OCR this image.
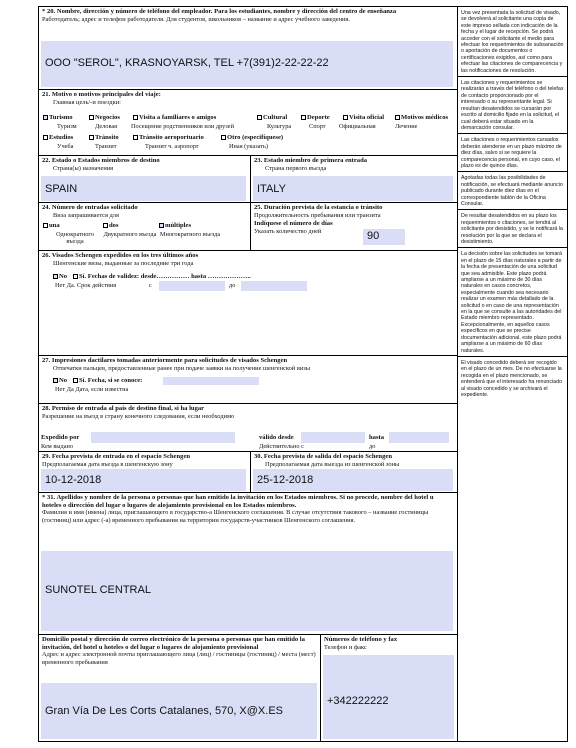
* 20. Nombre, dirección y número de teléfono del empleador. Para los estudiantes, nombre y dirección del centro de enseñanza
Работодатель; адрес и телефон работодателя. Для студентов, школьников – название и адрес учебного заведения.
OOO "SEROL", KRASNOYARSK, TEL +7(391)2-22-22-22
21. Motivo o motivos principales del viaje:
Главная цель/-и поездки:
Turismo	Negocios	Visita a familiares o amigos	Cultural	Deporte	Visita oficial	Motivos médicos
Туризм	Деловая Посещение родственников или друзей	Культура	Спорт Официальная	Лечение
Estudios	Tránsito	Tránsito aeroportuario	Otro (especifíquese)
Учеба	Транзит	Транзит ч. аэропорт	Иная (указать)
22. Estado o Estados miembros de destino
Страна(ы) назначения
SPAIN
23. Estado miembro de primera entrada
Страна первого въезда
ITALY
24. Número de entradas solicitado
Виза запрашивается для
una	dos	múltiples
Однократного въезда
Двукратного въезда Многократного въезда
25. Duración prevista de la estancia o tránsito
Продолжительность пребывания или транзита
Indíquese el número de días
Указать количество дней	90
26. Visados Schengen expedidos en los tres últimos años
Шенгенские визы, выданные за последние три года
No	Sí. Fechas de validez: desde…………… hasta ………………..
Нет Да. Срок действия	с	до
27. Impresiones dactilares tomadas anteriormente para solicitudes de visados Schengen
Отпечатки пальцев, предоставленные ранее при подаче заявки на получение шенгенской визы
No	Sí. Fecha, si se conoce:
Нет Да Дата, если известна
28. Permiso de entrada al país de destino final, si ha lugar
Разрешение на въезд в страну конечного следования, если необходимо
Expedido por	válido desde	hasta
Кем выдано	Действительно с	до
29. Fecha prevista de entrada en el espacio Schengen
Предполагаемая дата въезда в шенгенскую зону
10-12-2018
30. Fecha prevista de salida del espacio Schengen
Предполагаемая дата выезда из шенгенской зоны
25-12-2018
* 31. Apellidos y nombre de la persona o personas que han emitido la invitación en los Estados miembros. Si no procede, nombre del hotel u hoteles o dirección del lugar o lugares de alojamiento provisional en los Estados miembros.
Фамилия и имя (имена) лица, приглашающего в государство-а Шенгенского соглашения. В случае отсутствия такового – название гостиницы (гостиниц) или адрес (-а) временного пребывания на территории государств-участников Шенгенского соглашения.
SUNOTEL CENTRAL
Domicilio postal y dirección de correo electrónico de la persona o personas que han emitido la invitación, del hotel u hoteles o del lugar o lugares de alojamiento provisional
Адрес и адрес электронной почты приглашающего лица (лиц) / гостиницы (гостиниц) / места (мест) временного пребывания
Gran Vía De Les Corts Catalanes, 570, X@X.ES
Números de teléfono y fax
Телефон и факс
+342222222
Una vez presentada la solicitud de visado, se devolverá al solicitante una copia de este impreso sellada con indicación de la fecha y el lugar de recepción. Se podrá acceder con el solicitante el medio para efectuar los requerimientos de subsanación o aportación de documentos o certificaciones exigidos, así como para efectuar las citaciones de comparecencia y las notificaciones de resolución.
Las citaciones y requerimientos se realizarán a través del teléfono o del telefax de contacto proporcionado por el interesado o su representante legal. Si resultan desatendidos se cursarán por escrito al domicilio fijado en la solicitud, el cual deberá estar situado en la demarcación consular.
Las citaciones o requerimientos cursados deberán atenderse en un plazo máximo de diez días, salvo si se requiere la comparecencia personal, en cuyo caso, el plazo es de quince días.
Agotadas todas las posibilidades de notificación, se efectuará mediante anuncio publicado durante diez días en el correspondiente tablón de la Oficina Consular.
De resultar desatendidos en su plazo los requerimientos o citaciones, se tendrá al solicitante por desistido, y se le notificará la resolución por la que se declara el desistimiento.
La decisión sobre las solicitudes se tomará en el plazo de 15 días naturales a partir de la fecha de presentación de una solicitud que sea admisible. Este plazo podrá ampliarse a un máximo de 30 días naturales en casos concretos, especialmente cuando sea necesario realizar un examen más detallado de la solicitud o en caso de una representación en la que se consulte a las autoridades del Estado miembro representado. Excepcionalmente, en aquellos casos específicos en que se precise documentación adicional, este plazo podrá ampliarse a un máximo de 60 días naturales.
El visado concedido deberá ser recogido en el plazo de un mes. De no efectuarse la recogida en el plazo mencionado, se entenderá que el interesado ha renunciado al visado concedido y se archivará el expediente.
